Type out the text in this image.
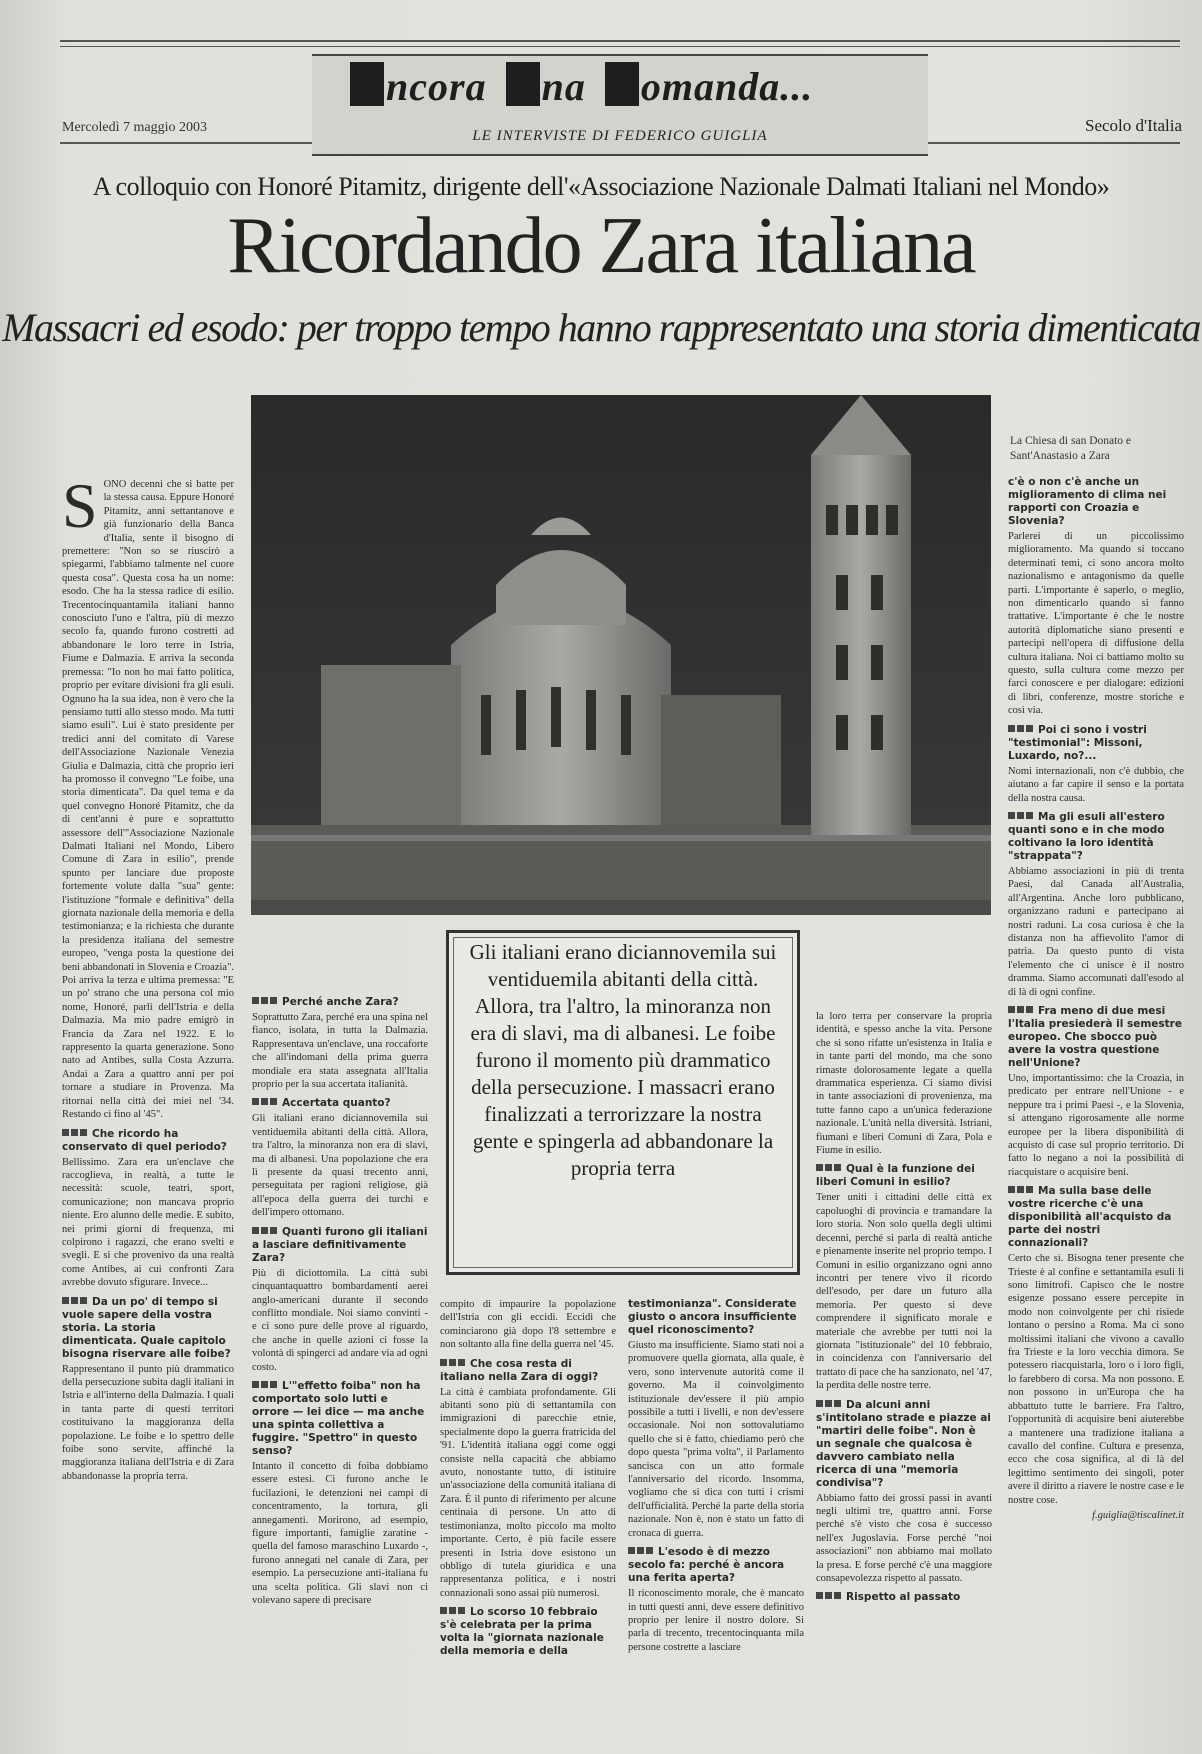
Mercoledì 7 maggio 2003	Secolo d'Italia
ncora na omanda...
LE INTERVISTE DI FEDERICO GUIGLIA
A colloquio con Honoré Pitamitz, dirigente dell'«Associazione Nazionale Dalmati Italiani nel Mondo»
Ricordando Zara italiana
Massacri ed esodo: per troppo tempo hanno rappresentato una storia dimenticata
La Chiesa di san Donato e Sant'Anastasio a Zara
Gli italiani erano diciannovemila sui ventiduemila abitanti della città. Allora, tra l'altro, la minoranza non era di slavi, ma di albanesi. Le foibe furono il momento più drammatico della persecuzione. I massacri erano finalizzati a terrorizzare la nostra gente e spingerla ad abbandonare la propria terra

SONO decenni che si batte per la stessa causa. Eppure Honoré Pitamitz, anni settantanove e già funzionario della Banca d'Italia, sente il bisogno di premettere: "Non so se riuscirò a spiegarmi, l'abbiamo talmente nel cuore questa cosa". Questa cosa ha un nome: esodo. Che ha la stessa radice di esilio. Trecentocinquantamila italiani hanno conosciuto l'uno e l'altra, più di mezzo secolo fa, quando furono costretti ad abbandonare le loro terre in Istria, Fiume e Dalmazia. E arriva la seconda premessa: "Io non ho mai fatto politica, proprio per evitare divisioni fra gli esuli. Ognuno ha la sua idea, non è vero che la pensiamo tutti allo stesso modo. Ma tutti siamo esuli". Lui è stato presidente per tredici anni del comitato di Varese dell'Associazione Nazionale Venezia Giulia e Dalmazia, città che proprio ieri ha promosso il convegno "Le foibe, una storia dimenticata". Da quel tema e da quel convegno Honoré Pitamitz, che da di cent'anni è pure e soprattutto assessore dell'"Associazione Nazionale Dalmati Italiani nel Mondo, Libero Comune di Zara in esilio", prende spunto per lanciare due proposte fortemente volute dalla "sua" gente: l'istituzione "formale e definitiva" della giornata nazionale della memoria e della testimonianza; e la richiesta che durante la presidenza italiana del semestre europeo, "venga posta la questione dei beni abbandonati in Slovenia e Croazia". Poi arriva la terza e ultima premessa: "E un po' strano che una persona col mio nome, Honoré, parli dell'Istria e della Dalmazia. Ma mio padre emigrò in Francia da Zara nel 1922. E lo rappresento la quarta generazione. Sono nato ad Antibes, sulla Costa Azzurra. Andai a Zara a quattro anni per poi tornare a studiare in Provenza. Ma ritornai nella città dei miei nel '34. Restando ci fino al '45".

Che ricordo ha conservato di quel periodo?

Bellissimo. Zara era un'enclave che raccoglieva, in realtà, a tutte le necessità: scuole, teatri, sport, comunicazione; non mancava proprio niente. Ero alunno delle medie. E subito, nei primi giorni di frequenza, mi colpirono i ragazzi, che erano svelti e svegli. E si che provenivo da una realtà come Antibes, ai cui confronti Zara avrebbe dovuto sfigurare. Invece...

Da un po' di tempo si vuole sapere della vostra storia. La storia dimenticata. Quale capitolo bisogna riservare alle foibe?

Rappresentano il punto più drammatico della persecuzione subita dagli italiani in Istria e all'interno della Dalmazia. I quali in tanta parte di questi territori costituivano la maggioranza della popolazione. Le foibe e lo spettro delle foibe sono servite, affinché la maggioranza italiana dell'Istria e di Zara abbandonasse la propria terra.

Perché anche Zara?

Soprattutto Zara, perché era una spina nel fianco, isolata, in tutta la Dalmazia. Rappresentava un'enclave, una roccaforte che all'indomani della prima guerra mondiale era stata assegnata all'Italia proprio per la sua accertata italianità.

Accertata quanto?

Gli italiani erano diciannovemila sui ventiduemila abitanti della città. Allora, tra l'altro, la minoranza non era di slavi, ma di albanesi. Una popolazione che era lì presente da quasi trecento anni, perseguitata per ragioni religiose, già all'epoca della guerra dei turchi e dell'impero ottomano.

Quanti furono gli italiani a lasciare definitivamente Zara?

Più di diciottomila. La città subì cinquantaquattro bombardamenti aerei anglo-americani durante il secondo conflitto mondiale. Noi siamo convinti - e ci sono pure delle prove al riguardo, che anche in quelle azioni ci fosse la volontà di spingerci ad andare via ad ogni costo.

L'"effetto foiba" non ha comportato solo lutti e orrore — lei dice — ma anche una spinta collettiva a fuggire. "Spettro" in questo senso?

Intanto il concetto di foiba dobbiamo essere estesi. Ci furono anche le fucilazioni, le detenzioni nei campi di concentramento, la tortura, gli annegamenti. Morirono, ad esempio, figure importanti, famiglie zaratine - quella del famoso maraschino Luxardo -, furono annegati nel canale di Zara, per esempio. La persecuzione anti-italiana fu una scelta politica. Gli slavi non ci volevano sapere di precisare

compito di impaurire la popolazione dell'Istria con gli eccidi. Eccidi che cominciarono già dopo l'8 settembre e non soltanto alla fine della guerra nel '45.

Che cosa resta di italiano nella Zara di oggi?

La città è cambiata profondamente. Gli abitanti sono più di settantamila con immigrazioni di parecchie etnie, specialmente dopo la guerra fratricida del '91. L'identità italiana oggi come oggi consiste nella capacità che abbiamo avuto, nonostante tutto, di istituire un'associazione della comunità italiana di Zara. È il punto di riferimento per alcune centinaia di persone. Un atto di testimonianza, molto piccolo ma molto importante. Certo, è più facile essere presenti in Istria dove esistono un obbligo di tutela giuridica e una rappresentanza politica, e i nostri connazionali sono assai più numerosi.

Lo scorso 10 febbraio s'è celebrata per la prima volta la "giornata nazionale della memoria e della
testimonianza". Considerate giusto o ancora insufficiente quel riconoscimento?

Giusto ma insufficiente. Siamo stati noi a promuovere quella giornata, alla quale, è vero, sono intervenute autorità come il governo. Ma il coinvolgimento istituzionale dev'essere il più ampio possibile a tutti i livelli, e non dev'essere occasionale. Noi non sottovalutiamo quello che si è fatto, chiediamo però che dopo questa "prima volta", il Parlamento sancisca con un atto formale l'anniversario del ricordo. Insomma, vogliamo che si dica con tutti i crismi dell'ufficialità. Perché la parte della storia nazionale. Non è, non è stato un fatto di cronaca di guerra.

L'esodo è di mezzo secolo fa: perché è ancora una ferita aperta?

Il riconoscimento morale, che è mancato in tutti questi anni, deve essere definitivo proprio per lenire il nostro dolore. Si parla di trecento, trecentocinquanta mila persone costrette a lasciare

la loro terra per conservare la propria identità, e spesso anche la vita. Persone che si sono rifatte un'esistenza in Italia e in tante parti del mondo, ma che sono rimaste dolorosamente legate a quella drammatica esperienza. Ci siamo divisi in tante associazioni di provenienza, ma tutte fanno capo a un'unica federazione nazionale. L'unità nella diversità. Istriani, fiumani e liberi Comuni di Zara, Pola e Fiume in esilio.

Qual è la funzione dei liberi Comuni in esilio?

Tener uniti i cittadini delle città ex capoluoghi di provincia e tramandare la loro storia. Non solo quella degli ultimi decenni, perché si parla di realtà antiche e pienamente inserite nel proprio tempo. I Comuni in esilio organizzano ogni anno incontri per tenere vivo il ricordo dell'esodo, per dare un futuro alla memoria. Per questo si deve comprendere il significato morale e materiale che avrebbe per tutti noi la giornata "istituzionale" del 10 febbraio, in coincidenza con l'anniversario del trattato di pace che ha sanzionato, nel '47, la perdita delle nostre terre.

Da alcuni anni s'intitolano strade e piazze ai "martiri delle foibe". Non è un segnale che qualcosa è davvero cambiato nella ricerca di una "memoria condivisa"?

Abbiamo fatto dei grossi passi in avanti negli ultimi tre, quattro anni. Forse perché s'è visto che cosa è successo nell'ex Jugoslavia. Forse perché "noi associazioni" non abbiamo mai mollato la presa. E forse perché c'è una maggiore consapevolezza rispetto al passato.

Rispetto al passato
c'è o non c'è anche un miglioramento di clima nei rapporti con Croazia e Slovenia?

Parlerei di un piccolissimo miglioramento. Ma quando si toccano determinati temi, ci sono ancora molto nazionalismo e antagonismo da quelle parti. L'importante è saperlo, o meglio, non dimenticarlo quando si fanno trattative. L'importante è che le nostre autorità diplomatiche siano presenti e partecipi nell'opera di diffusione della cultura italiana. Noi ci battiamo molto su questo, sulla cultura come mezzo per farci conoscere e per dialogare: edizioni di libri, conferenze, mostre storiche e così via.

Poi ci sono i vostri "testimonial": Missoni, Luxardo, no?...

Nomi internazionali, non c'è dubbio, che aiutano a far capire il senso e la portata della nostra causa.

Ma gli esuli all'estero quanti sono e in che modo coltivano la loro identità "strappata"?

Abbiamo associazioni in più di trenta Paesi, dal Canada all'Australia, all'Argentina. Anche loro pubblicano, organizzano raduni e partecipano ai nostri raduni. La cosa curiosa è che la distanza non ha affievolito l'amor di patria. Da questo punto di vista l'elemento che ci unisce è il nostro dramma. Siamo accomunati dall'esodo al di là di ogni confine.

Fra meno di due mesi l'Italia presiederà il semestre europeo. Che sbocco può avere la vostra questione nell'Unione?

Uno, importantissimo: che la Croazia, in predicato per entrare nell'Unione - e neppure tra i primi Paesi -, e la Slovenia, si attengano rigorosamente alle norme europee per la libera disponibilità di acquisto di case sul proprio territorio. Di fatto lo negano a noi la possibilità di riacquistare o acquisire beni.

Ma sulla base delle vostre ricerche c'è una disponibilità all'acquisto da parte dei nostri connazionali?

Certo che sì. Bisogna tener presente che Trieste è al confine e settantamila esuli lì sono limitrofi. Capisco che le nostre esigenze possano essere percepite in modo non coinvolgente per chi risiede lontano o persino a Roma. Ma ci sono moltissimi italiani che vivono a cavallo fra Trieste e la loro vecchia dimora. Se potessero riacquistarla, loro o i loro figli, lo farebbero di corsa. Ma non possono. E non possono in un'Europa che ha abbattuto tutte le barriere. Fra l'altro, l'opportunità di acquisire beni aiuterebbe a mantenere una tradizione italiana a cavallo del confine. Cultura e presenza, ecco che cosa significa, al di là del legittimo sentimento dei singoli, poter avere il diritto a riavere le nostre case e le nostre cose.

f.guiglia@tiscalinet.it
